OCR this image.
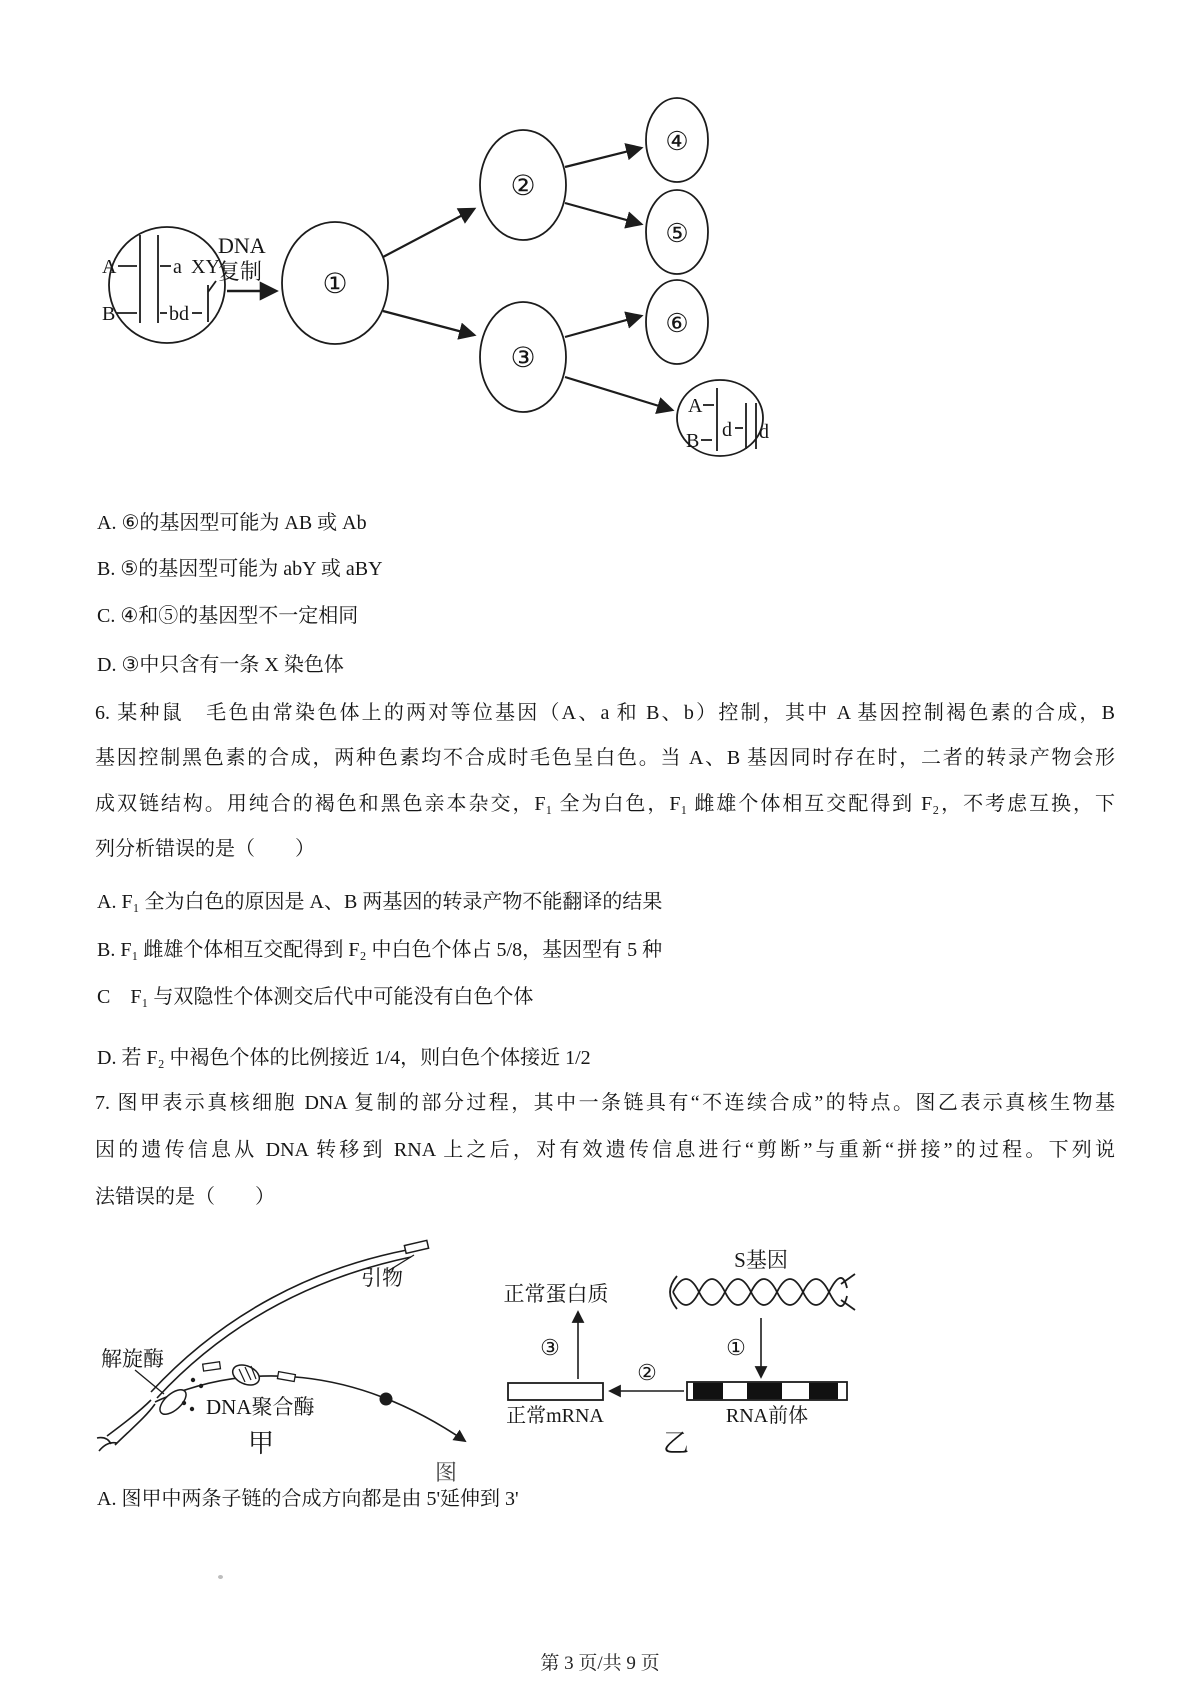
A
B
a
bd
XY
DNA
复制 ①
②
③
④
⑤
⑥
A
B d d
A. ⑥的基因型可能为 AB 或 Ab
B. ⑤的基因型可能为 abY 或 aBY
C. ④和⑤的基因型不一定相同
D. ③中只含有一条 X 染色体
6. 某种鼠　毛色由常染色体上的两对等位基因（A、a 和 B、b）控制，其中 A 基因控制褐色素的合成，B
基因控制黑色素的合成，两种色素均不合成时毛色呈白色。当 A、B 基因同时存在时，二者的转录产物会形
成双链结构。用纯合的褐色和黑色亲本杂交，F₁ 全为白色，F₁ 雌雄个体相互交配得到 F₂，不考虑互换，下
列分析错误的是（　　）
A. F₁ 全为白色的原因是 A、B 两基因的转录产物不能翻译的结果
B. F₁ 雌雄个体相互交配得到 F₂ 中白色个体占 5/8，基因型有 5 种
C　F₁ 与双隐性个体测交后代中可能没有白色个体
D. 若 F₂ 中褐色个体的比例接近 1/4，则白色个体接近 1/2
7. 图甲表示真核细胞 DNA 复制的部分过程，其中一条链具有“不连续合成”的特点。图乙表示真核生物基
因的遗传信息从 DNA 转移到 RNA 上之后，对有效遗传信息进行“剪断”与重新“拼接”的过程。下列说
法错误的是（　　）
引物
解旋酶
DNA聚合酶
甲
S基因
①
RNA前体
②
正常mRNA
③
正常蛋白质
乙
图
A. 图甲中两条子链的合成方向都是由 5'延伸到 3'
第 3 页/共 9 页
